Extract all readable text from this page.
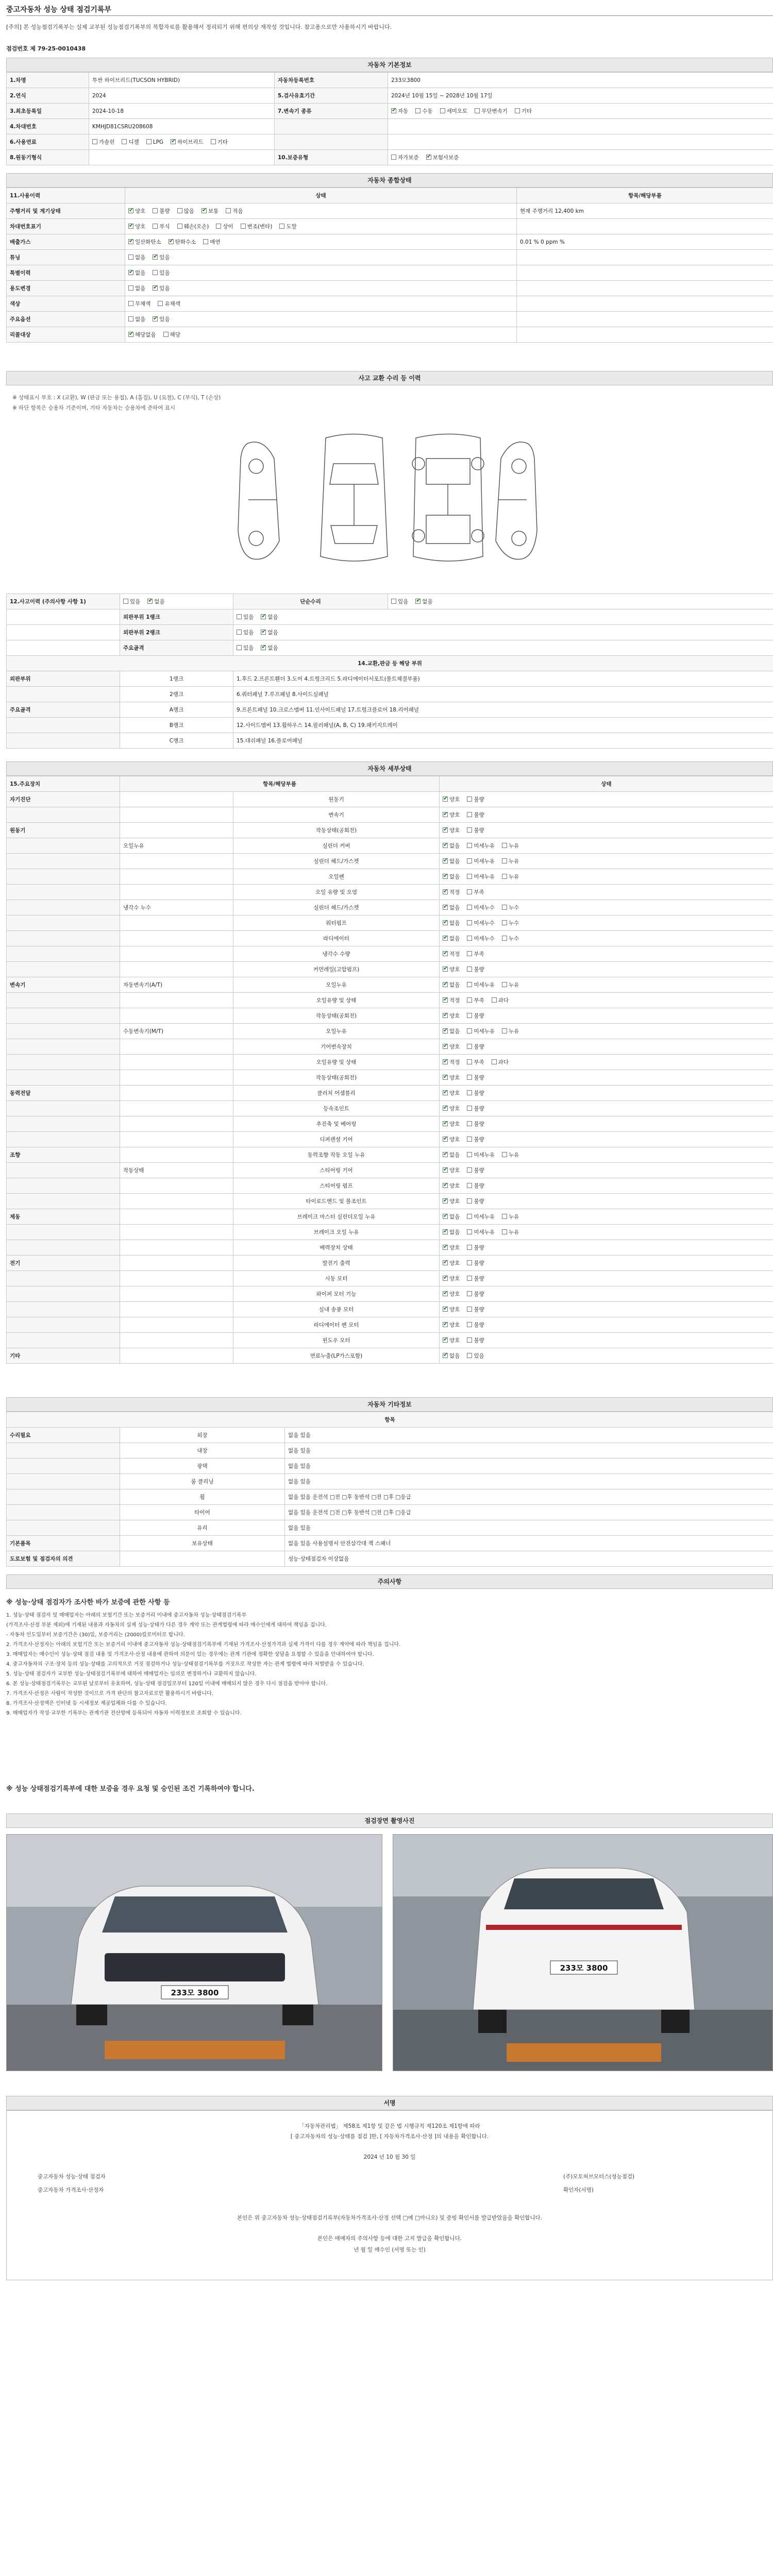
중고자동차 성능 상태 점검기록부
[주의] 본 성능점검기록부는 실제 교부된 성능점검기록부의 복합자료를 활용해서 정리되기 위해 편의상 재작성 것입니다. 참고용으로만 사용하시기 바랍니다.
점검번호 제 79-25-0010438
자동차 기본정보
1.차명	투싼 하이브리드(TUCSON HYBRID)	자동차등록번호	233모3800
2.연식	2024	5.검사유효기간	2024년 10월 15일 ~ 2028년 10월 17일
3.최초등록일	2024-10-18	7.변속기 종류	✔자동 수동 세미오토 무단변속기 기타
4.차대번호	KMHJD81CSRU208608		
6.사용연료	가솔린 디젤 LPG ✔ 하이브리드 기타		
8.원동기형식		10.보증유형	자가보증 ✔ 보험사보증
자동차 종합상태
11.사용이력	상태	항목/해당부품
주행거리 및 계기상태	✔양호 불량 많음 ✔ 보통 적음	현재 주행거리 12,400 km
차대번호표기	✔양호 부식 훼손(오손) 상이 변조(변타) 도말	
배출가스	✔일산화탄소 ✔ 탄화수소 매연	0.01 % 0 ppm %
튜닝	없음 ✔ 있음	
특별이력	✔없음 있음	
용도변경	없음 ✔ 있음	
색상	무채색 유채색	
주요옵션	없음 ✔ 있음	
리콜대상	✔해당없음 해당	
사고 교환 수리 등 이력
※ 상태표시 부호 : X (교환), W (판금 또는 용접), A (흠집), U (요철), C (부식), T (손상)
※ 하단 항목은 승용차 기준이며, 기타 자동차는 승용차에 준하여 표시
12.사고이력 (주의사항 사항 1)	있음 ✔ 없음	단순수리	있음 ✔ 없음
	외판부위 1랭크	있음 ✔ 없음
	외판부위 2랭크	있음 ✔ 없음
	주요골격	있음 ✔ 없음
14.교환,판금 등 해당 부위			
외판부위	1랭크	1.후드 2.프론트휀더 3.도어 4.트렁크리드 5.라디에이터서포트(볼트체결부품)	
	2랭크	6.쿼터패널 7.루프패널 8.사이드실패널	
주요골격	A랭크	9.프론트패널 10.크로스멤버 11.인사이드패널 17.트렁크플로어 18.리어패널	
	B랭크	12.사이드멤버 13.휠하우스 14.필러패널(A, B, C) 19.패키지트레이	
	C랭크	15.대쉬패널 16.플로어패널	
자동차 세부상태
15.주요장치	항목/해당부품		상태
자기진단		원동기	✔양호 불량
		변속기	✔양호 불량
원동기		작동상태(공회전)	✔양호 불량
	오일누유	실린더 커버	✔없음 미세누유 누유
		실린더 헤드/가스켓	✔없음 미세누유 누유
		오일팬	✔없음 미세누유 누유
		오일 유량 및 오염	✔적정 부족
	냉각수 누수	실린더 헤드/가스켓	✔없음 미세누수 누수
		워터펌프	✔없음 미세누수 누수
		라디에이터	✔없음 미세누수 누수
		냉각수 수량	✔적정 부족
		커먼레일(고압펌프)	✔양호 불량
변속기	자동변속기(A/T)	오일누유	✔없음 미세누유 누유
		오일유량 및 상태	✔적정 부족 과다
		작동상태(공회전)	✔양호 불량
	수동변속기(M/T)	오일누유	✔없음 미세누유 누유
		기어변속장치	✔양호 불량
		오일유량 및 상태	✔적정 부족 과다
		작동상태(공회전)	✔양호 불량
동력전달		클러치 어셈블리	✔양호 불량
		등속조인트	✔양호 불량
		추진축 및 베어링	✔양호 불량
		디퍼렌셜 기어	✔양호 불량
조향		동력조향 작동 오일 누유	✔없음 미세누유 누유
	작동상태	스티어링 기어	✔양호 불량
		스티어링 펌프	✔양호 불량
		타이로드엔드 및 볼조인트	✔양호 불량
제동		브레이크 마스터 실린더오일 누유	✔없음 미세누유 누유
		브레이크 오일 누유	✔없음 미세누유 누유
		배력장치 상태	✔양호 불량
전기		발전기 출력	✔양호 불량
		시동 모터	✔양호 불량
		와이퍼 모터 기능	✔양호 불량
		실내 송풍 모터	✔양호 불량
		라디에이터 팬 모터	✔양호 불량
		윈도우 모터	✔양호 불량
기타		연료누출(LP가스포함)	✔없음 있음
자동차 기타정보
항목		
수리필요	외장	없음 있음
	내장	없음 있음
	광택	없음 있음
	룸 클리닝	없음 있음
	휠	없음 있음 운전석 □전 □후 동반석 □전 □후 □응급
	타이어	없음 있음 운전석 □전 □후 동반석 □전 □후 □응급
	유리	없음 있음
기본품목	보유상태	없음 있음 사용설명서 안전삼각대 잭 스패너
도로보험 및 점검자의 의견		성능·상태점검자 이상없음
주의사항
※ 성능·상태 점검자가 조사한 바가 보증에 관한 사항 등

1. 성능·상태 점검자 및 매매업자는 아래의 보험기간 또는 보증거리 이내에 중고자동차 성능·상태점검기록부

(가격조사·산정 부분 제외)에 기재된 내용과 자동차의 실제 성능·상태가 다른 경우 계약 또는 관계법령에 따라 매수인에게 대하여 책임을 집니다.

- 자동차 인도일부터 보증기간은 (30)일, 보증거리는 (2000)킬로미터로 합니다.

2. 가격조사·산정자는 아래의 보험기간 또는 보증거리 이내에 중고자동차 성능·상태점검기록부에 기재된 가격조사·산정가격과 실제 가격이 다를 경우 계약에 따라 책임을 집니다.

3. 매매업자는 매수인이 성능·상태 점검 내용 및 가격조사·산정 내용에 관하여 의문이 있는 경우에는 관계 기관에 정확한 상담을 요청할 수 있음을 안내하여야 합니다.

4. 중고자동차의 구조·장치 등의 성능·상태를 고의적으로 거짓 점검하거나 성능·상태점검기록부를 거짓으로 작성한 자는 관계 법령에 따라 처벌받을 수 있습니다.

5. 성능·상태 점검자가 교부한 성능·상태점검기록부에 대하여 매매업자는 임의로 변경하거나 교환하지 않습니다.

6. 본 성능·상태점검기록부는 교부된 날로부터 유효하며, 성능·상태 점검일로부터 120일 이내에 매매되지 않은 경우 다시 점검을 받아야 합니다.

7. 가격조사·산정은 사람이 작성한 것이므로 가격 판단의 참고자료로만 활용하시기 바랍니다.

8. 가격조사·산정액은 인터넷 등 시세정보 제공업체와 다를 수 있습니다.

9. 매매업자가 작성·교부한 기록부는 관계기관 전산망에 등록되어 자동차 이력정보로 조회할 수 있습니다.

※ 성능 상태점검기록부에 대한 보증을 경우 요청 및 승인된 조건 기록하여야 합니다.
점검장면 촬영사진
233모 3800
233모 3800
서명
「자동차관리법」 제58조 제1항 및 같은 법 시행규칙 제120조 제1항에 따라
[ 중고자동차의 성능·상태를 점검 ]한, [ 자동차가격조사·산정 ]의 내용을 확인합니다.
2024 년 10 월 30 일
중고자동차 성능·상태 점검자	(주)모토허브모터스(성능점검)
중고자동차 가격조사·산정자	확인자(서명)
본인은 위 중고자동차 성능·상태점검기록부(자동차가격조사·산정 선택 □예 □아니오) 및 증빙 확인서를 발급받았음을 확인합니다.
본인은 매매자의 주의사항 등에 대한 고지 발급을 확인합니다.
년 월 일 매수인 (서명 또는 인)
